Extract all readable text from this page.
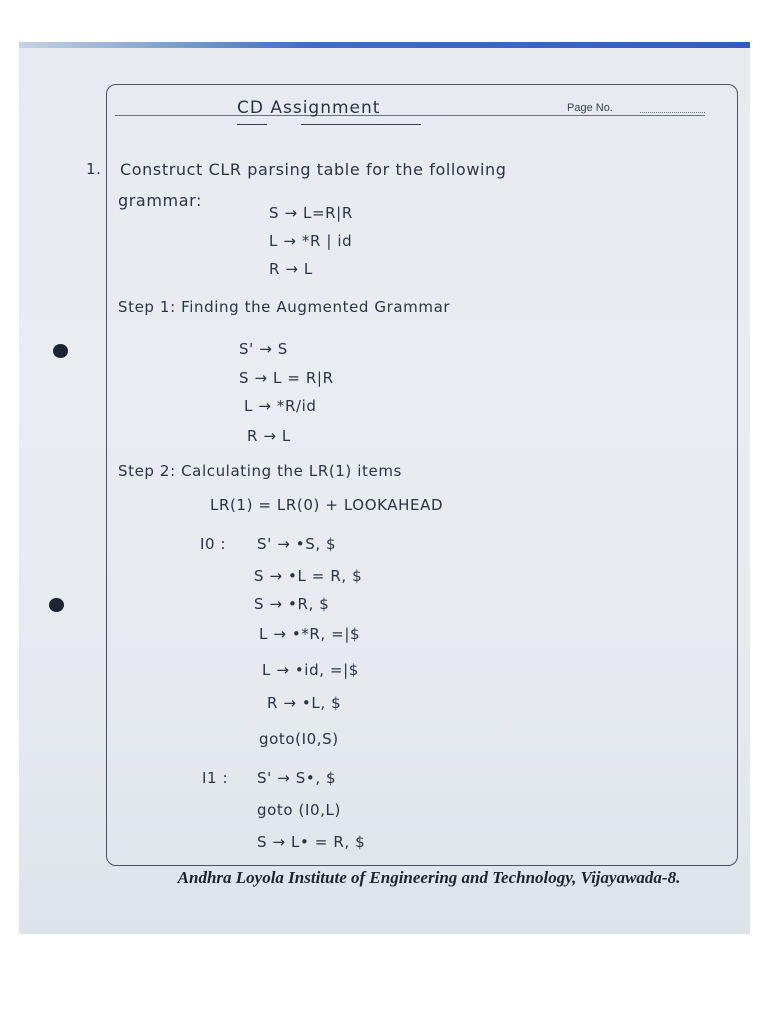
CD Assignment	Page No.
1. Construct CLR parsing table for the following
grammar:
S → L=R|R
L → *R | id
R → L
Step 1: Finding the Augmented Grammar
S' → S
S → L = R|R
L → *R/id
R → L
Step 2: Calculating the LR(1) items
LR(1) = LR(0) + LOOKAHEAD
I0 : S' → •S, $
S → •L = R, $
S → •R, $
L → •*R, =|$
L → •id, =|$
R → •L, $
goto(I0,S)
I1 : S' → S•, $
goto (I0,L)
S → L• = R, $
Andhra Loyola Institute of Engineering and Technology, Vijayawada-8.
